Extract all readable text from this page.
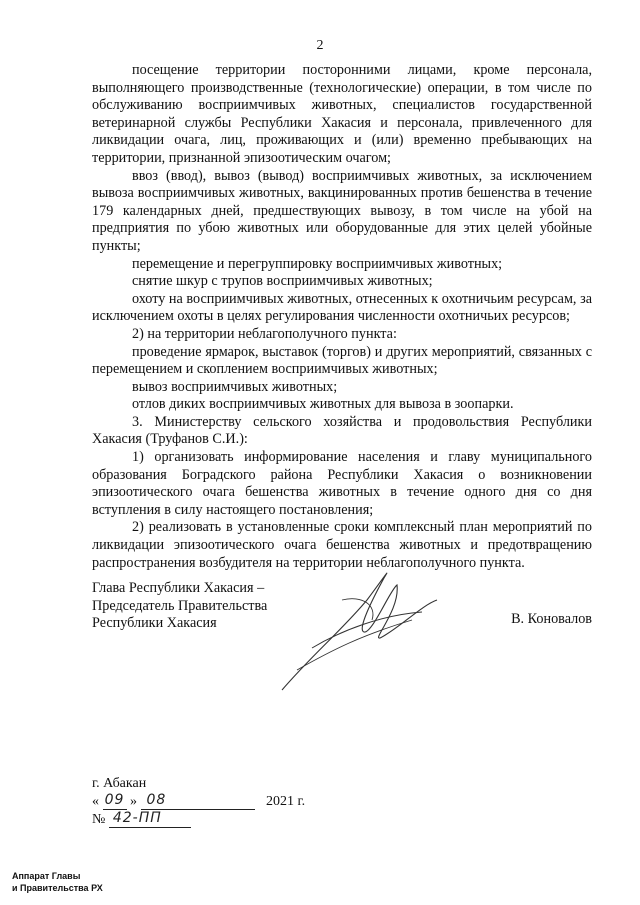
2

посещение территории посторонними лицами, кроме персонала, выполняющего производственные (технологические) операции, в том числе по обслуживанию восприимчивых животных, специалистов государственной ветеринарной службы Республики Хакасия и персонала, привлеченного для ликвидации очага, лиц, проживающих и (или) временно пребывающих на территории, признанной эпизоотическим очагом;

ввоз (ввод), вывоз (вывод) восприимчивых животных, за исключением вывоза восприимчивых животных, вакцинированных против бешенства в течение 179 календарных дней, предшествующих вывозу, в том числе на убой на предприятия по убою животных или оборудованные для этих целей убойные пункты;

перемещение и перегруппировку восприимчивых животных;

снятие шкур с трупов восприимчивых животных;

охоту на восприимчивых животных, отнесенных к охотничьим ресурсам, за исключением охоты в целях регулирования численности охотничьих ресурсов;

2) на территории неблагополучного пункта:

проведение ярмарок, выставок (торгов) и других мероприятий, связанных с перемещением и скоплением восприимчивых животных;

вывоз восприимчивых животных;

отлов диких восприимчивых животных для вывоза в зоопарки.

3. Министерству сельского хозяйства и продовольствия Республики Хакасия (Труфанов С.И.):

1) организовать информирование населения и главу муниципального образования Боградского района Республики Хакасия о возникновении эпизоотического очага бешенства животных в течение одного дня со дня вступления в силу настоящего постановления;

2) реализовать в установленные сроки комплексный план мероприятий по ликвидации эпизоотического очага бешенства животных и предотвращению распространения возбудителя на территории неблагополучного пункта.

Глава Республики Хакасия –
Председатель Правительства
Республики Хакасия	В. Коновалов
г. Абакан
« 09 » 08	2021 г.
№ 42-ПП
Аппарат Главы
и Правительства РХ
